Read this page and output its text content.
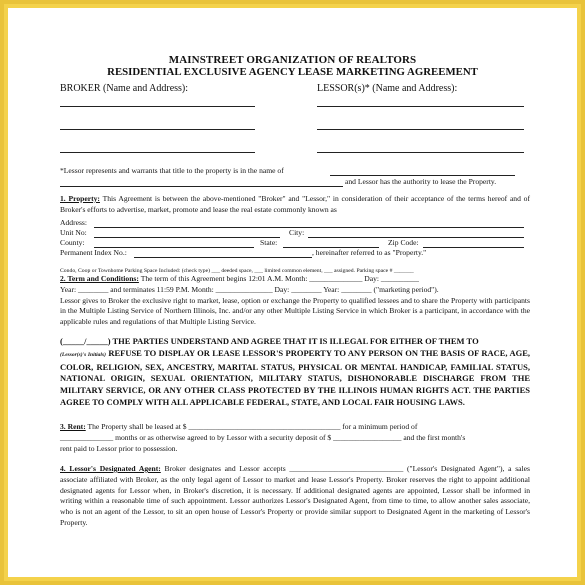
MAINSTREET ORGANIZATION OF REALTORS
RESIDENTIAL EXCLUSIVE AGENCY LEASE MARKETING AGREEMENT
BROKER (Name and Address):	LESSOR(s)* (Name and Address):
*Lessor represents and warrants that title to the property is in the name of
and Lessor has the authority to lease the Property.
1. Property: This Agreement is between the above-mentioned "Broker" and "Lessor," in consideration of their acceptance of the terms hereof and of Broker's efforts to advertise, market, promote and lease the real estate commonly known as
Address:
Unit No:	City:
County:	State:	Zip Code:
Permanent Index No.:	, hereinafter referred to as "Property."
Condo, Coop or Townhome Parking Space Included: (check type) ___ deeded space, ___ limited common element, ___ assigned. Parking space # _______
2. Term and Conditions: The term of this Agreement begins 12:01 A.M. Month: ______________ Day: __________
Year: ________ and terminates 11:59 P.M. Month: _______________ Day: ________ Year: ________ ("marketing period").
Lessor gives to Broker the exclusive right to market, lease, option or exchange the Property to qualified lessees and to share the Property with participants in the Multiple Listing Service of Northern Illinois, Inc. and/or any other Multiple Listing Service in which Broker is a participant, in accordance with the applicable rules and regulations of that Multiple Listing Service.
(_____/_____) THE PARTIES UNDERSTAND AND AGREE THAT IT IS ILLEGAL FOR EITHER OF THEM TO
(Lessor(s)'s Initials) REFUSE TO DISPLAY OR LEASE LESSOR'S PROPERTY TO ANY PERSON ON THE BASIS OF RACE, AGE, COLOR, RELIGION, SEX, ANCESTRY, MARITAL STATUS, PHYSICAL OR MENTAL HANDICAP, FAMILIAL STATUS, NATIONAL ORIGIN, SEXUAL ORIENTATION, MILITARY STATUS, DISHONORABLE DISCHARGE FROM THE MILITARY SERVICE, OR ANY OTHER CLASS PROTECTED BY THE ILLINOIS HUMAN RIGHTS ACT. THE PARTIES AGREE TO COMPLY WITH ALL APPLICABLE FEDERAL, STATE, AND LOCAL FAIR HOUSING LAWS.
3. Rent: The Property shall be leased at $ ________________________________________ for a minimum period of
______________ months or as otherwise agreed to by Lessor with a security deposit of $ __________________ and the first month's
rent paid to Lessor prior to possession.
4. Lessor's Designated Agent: Broker designates and Lessor accepts ______________________________ ("Lessor's Designated Agent"), a sales associate affiliated with Broker, as the only legal agent of Lessor to market and lease Lessor's Property. Broker reserves the right to appoint additional designated agents for Lessor when, in Broker's discretion, it is necessary. If additional designated agents are appointed, Lessor shall be informed in writing within a reasonable time of such appointment. Lessor authorizes Lessor's Designated Agent, from time to time, to allow another sales associate, who is not an agent of the Lessor, to sit an open house of Lessor's Property or provide similar support to Designated Agent in the marketing of Lessor's Property.
